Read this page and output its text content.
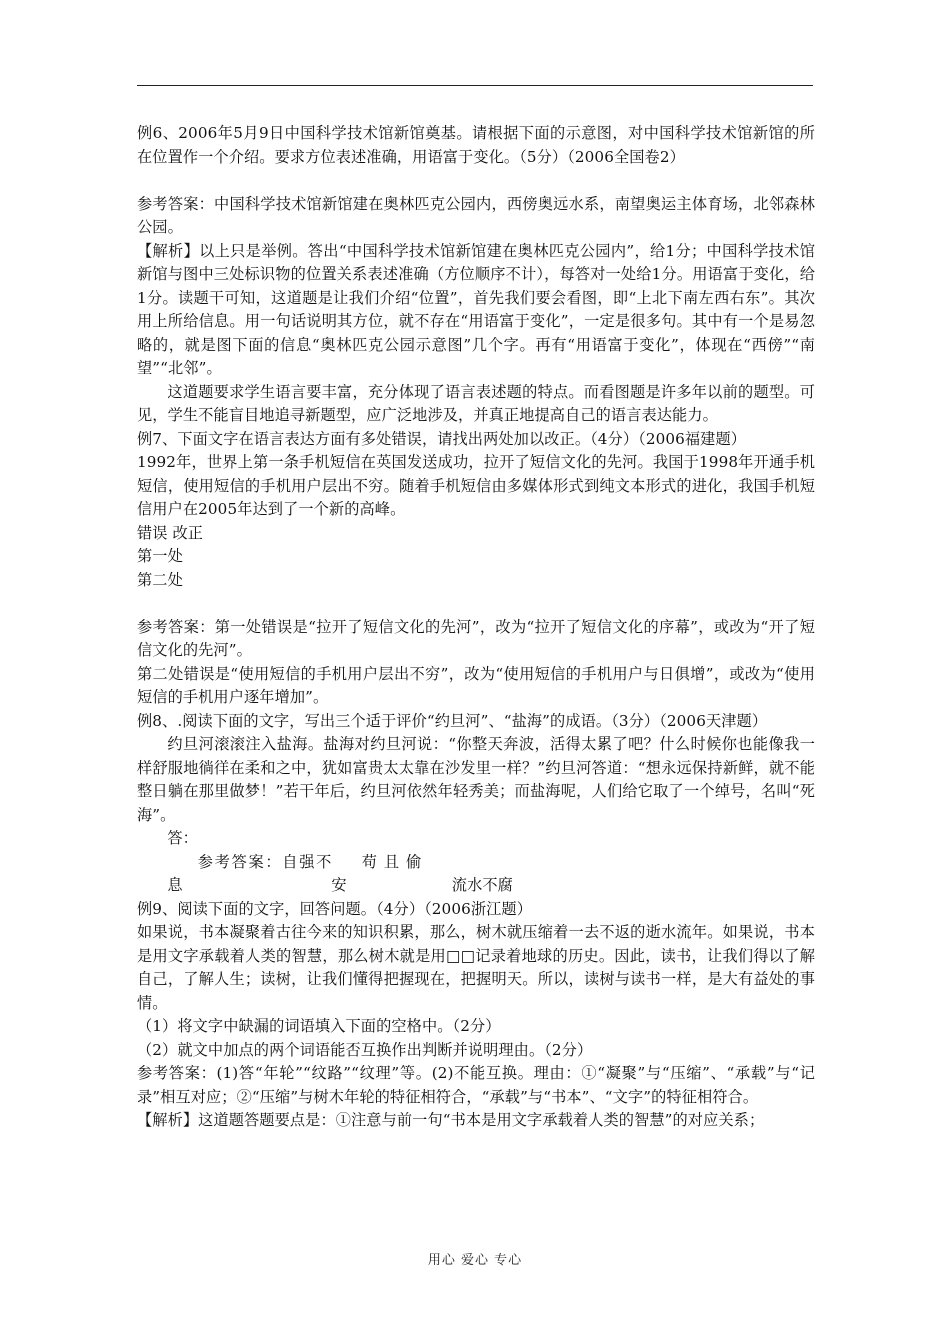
例6、2006年5月9日中国科学技术馆新馆奠基。请根据下面的示意图，对中国科学技术馆新馆的所在位置作一个介绍。要求方位表述准确，用语富于变化。（5分）（2006全国卷2）

参考答案：中国科学技术馆新馆建在奥林匹克公园内，西傍奥远水系，南望奥运主体育场，北邻森林公园。

【解析】以上只是举例。答出“中国科学技术馆新馆建在奥林匹克公园内”，给1分；中国科学技术馆新馆与图中三处标识物的位置关系表述准确（方位顺序不计），每答对一处给1分。用语富于变化，给1分。读题干可知，这道题是让我们介绍“位置”，首先我们要会看图，即“上北下南左西右东”。其次用上所给信息。用一句话说明其方位，就不存在“用语富于变化”，一定是很多句。其中有一个是易忽略的，就是图下面的信息“奥林匹克公园示意图”几个字。再有“用语富于变化”，体现在“西傍”“南望”“北邻”。

这道题要求学生语言要丰富，充分体现了语言表述题的特点。而看图题是许多年以前的题型。可见，学生不能盲目地追寻新题型，应广泛地涉及，并真正地提高自己的语言表达能力。

例7、下面文字在语言表达方面有多处错误，请找出两处加以改正。（4分）（2006福建题）

1992年，世界上第一条手机短信在英国发送成功，拉开了短信文化的先河。我国于1998年开通手机短信，使用短信的手机用户层出不穷。随着手机短信由多媒体形式到纯文本形式的进化，我国手机短信用户在2005年达到了一个新的高峰。

错误 改正

第一处

第二处

参考答案：第一处错误是“拉开了短信文化的先河”，改为“拉开了短信文化的序幕”，或改为“开了短信文化的先河”。

第二处错误是“使用短信的手机用户层出不穷”，改为“使用短信的手机用户与日俱增”，或改为“使用短信的手机用户逐年增加”。

例8、.阅读下面的文字，写出三个适于评价“约旦河”、“盐海”的成语。（3分）（2006天津题）

约旦河滚滚注入盐海。盐海对约旦河说：“你整天奔波，活得太累了吧？什么时候你也能像我一样舒服地徜徉在柔和之中，犹如富贵太太靠在沙发里一样？”约旦河答道：“想永远保持新鲜，就不能整日躺在那里做梦！”若干年后，约旦河依然年轻秀美；而盐海呢，人们给它取了一个绰号，名叫“死海”。

答：

参考答案：自强不息苟且偷安	流水不腐

例9、阅读下面的文字，回答问题。（4分）（2006浙江题）

如果说，书本凝聚着古往今来的知识积累，那么，树木就压缩着一去不返的逝水流年。如果说，书本是用文字承载着人类的智慧，那么树木就是用□□记录着地球的历史。因此，读书，让我们得以了解自己，了解人生；读树，让我们懂得把握现在，把握明天。所以，读树与读书一样，是大有益处的事情。

（1）将文字中缺漏的词语填入下面的空格中。（2分）

（2）就文中加点的两个词语能否互换作出判断并说明理由。（2分）

参考答案：(1)答“年轮”“纹路”“纹理”等。(2)不能互换。理由：①“凝聚”与“压缩”、“承载”与“记录”相互对应；②“压缩”与树木年轮的特征相符合，“承载”与“书本”、“文字”的特征相符合。

【解析】这道题答题要点是：①注意与前一句“书本是用文字承载着人类的智慧”的对应关系；

用心 爱心 专心
